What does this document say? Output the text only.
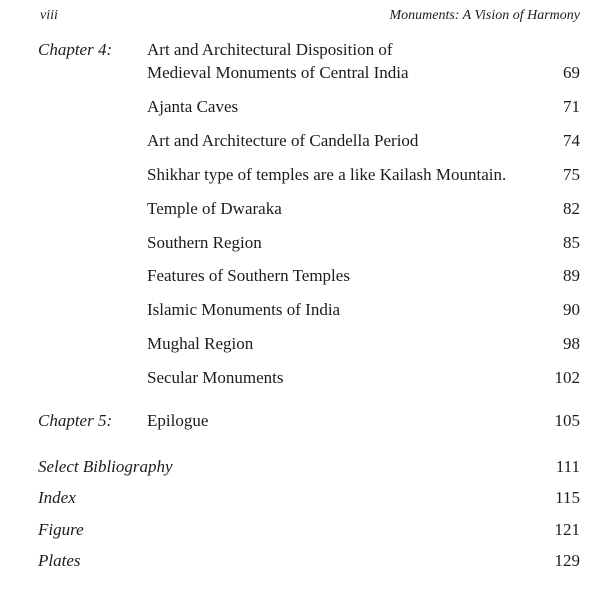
viii	Monuments: A Vision of Harmony
Chapter 4: Art and Architectural Disposition of
Medieval Monuments of Central India	69
Ajanta Caves	71
Art and Architecture of Candella Period	74
Shikhar type of temples are a like Kailash Mountain.	75
Temple of Dwaraka	82
Southern Region	85
Features of Southern Temples	89
Islamic Monuments of India	90
Mughal Region	98
Secular Monuments	102
Chapter 5: Epilogue	105
Select Bibliography	111
Index	115
Figure	121
Plates	129
